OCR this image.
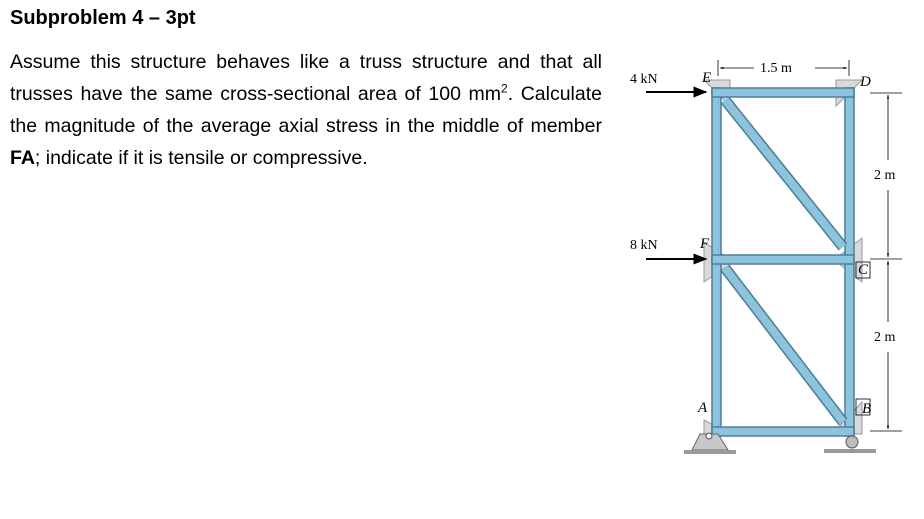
Subproblem 4 – 3pt
Assume this structure behaves like a truss structure and that all trusses have the same cross-sectional area of 100 $mm^2$. Calculate the magnitude of the average axial stress in the middle of member FA; indicate if it is tensile or compressive.
4 kN
8 kN
E	D
F
C
A	B
1.5 m
2 m
2 m
